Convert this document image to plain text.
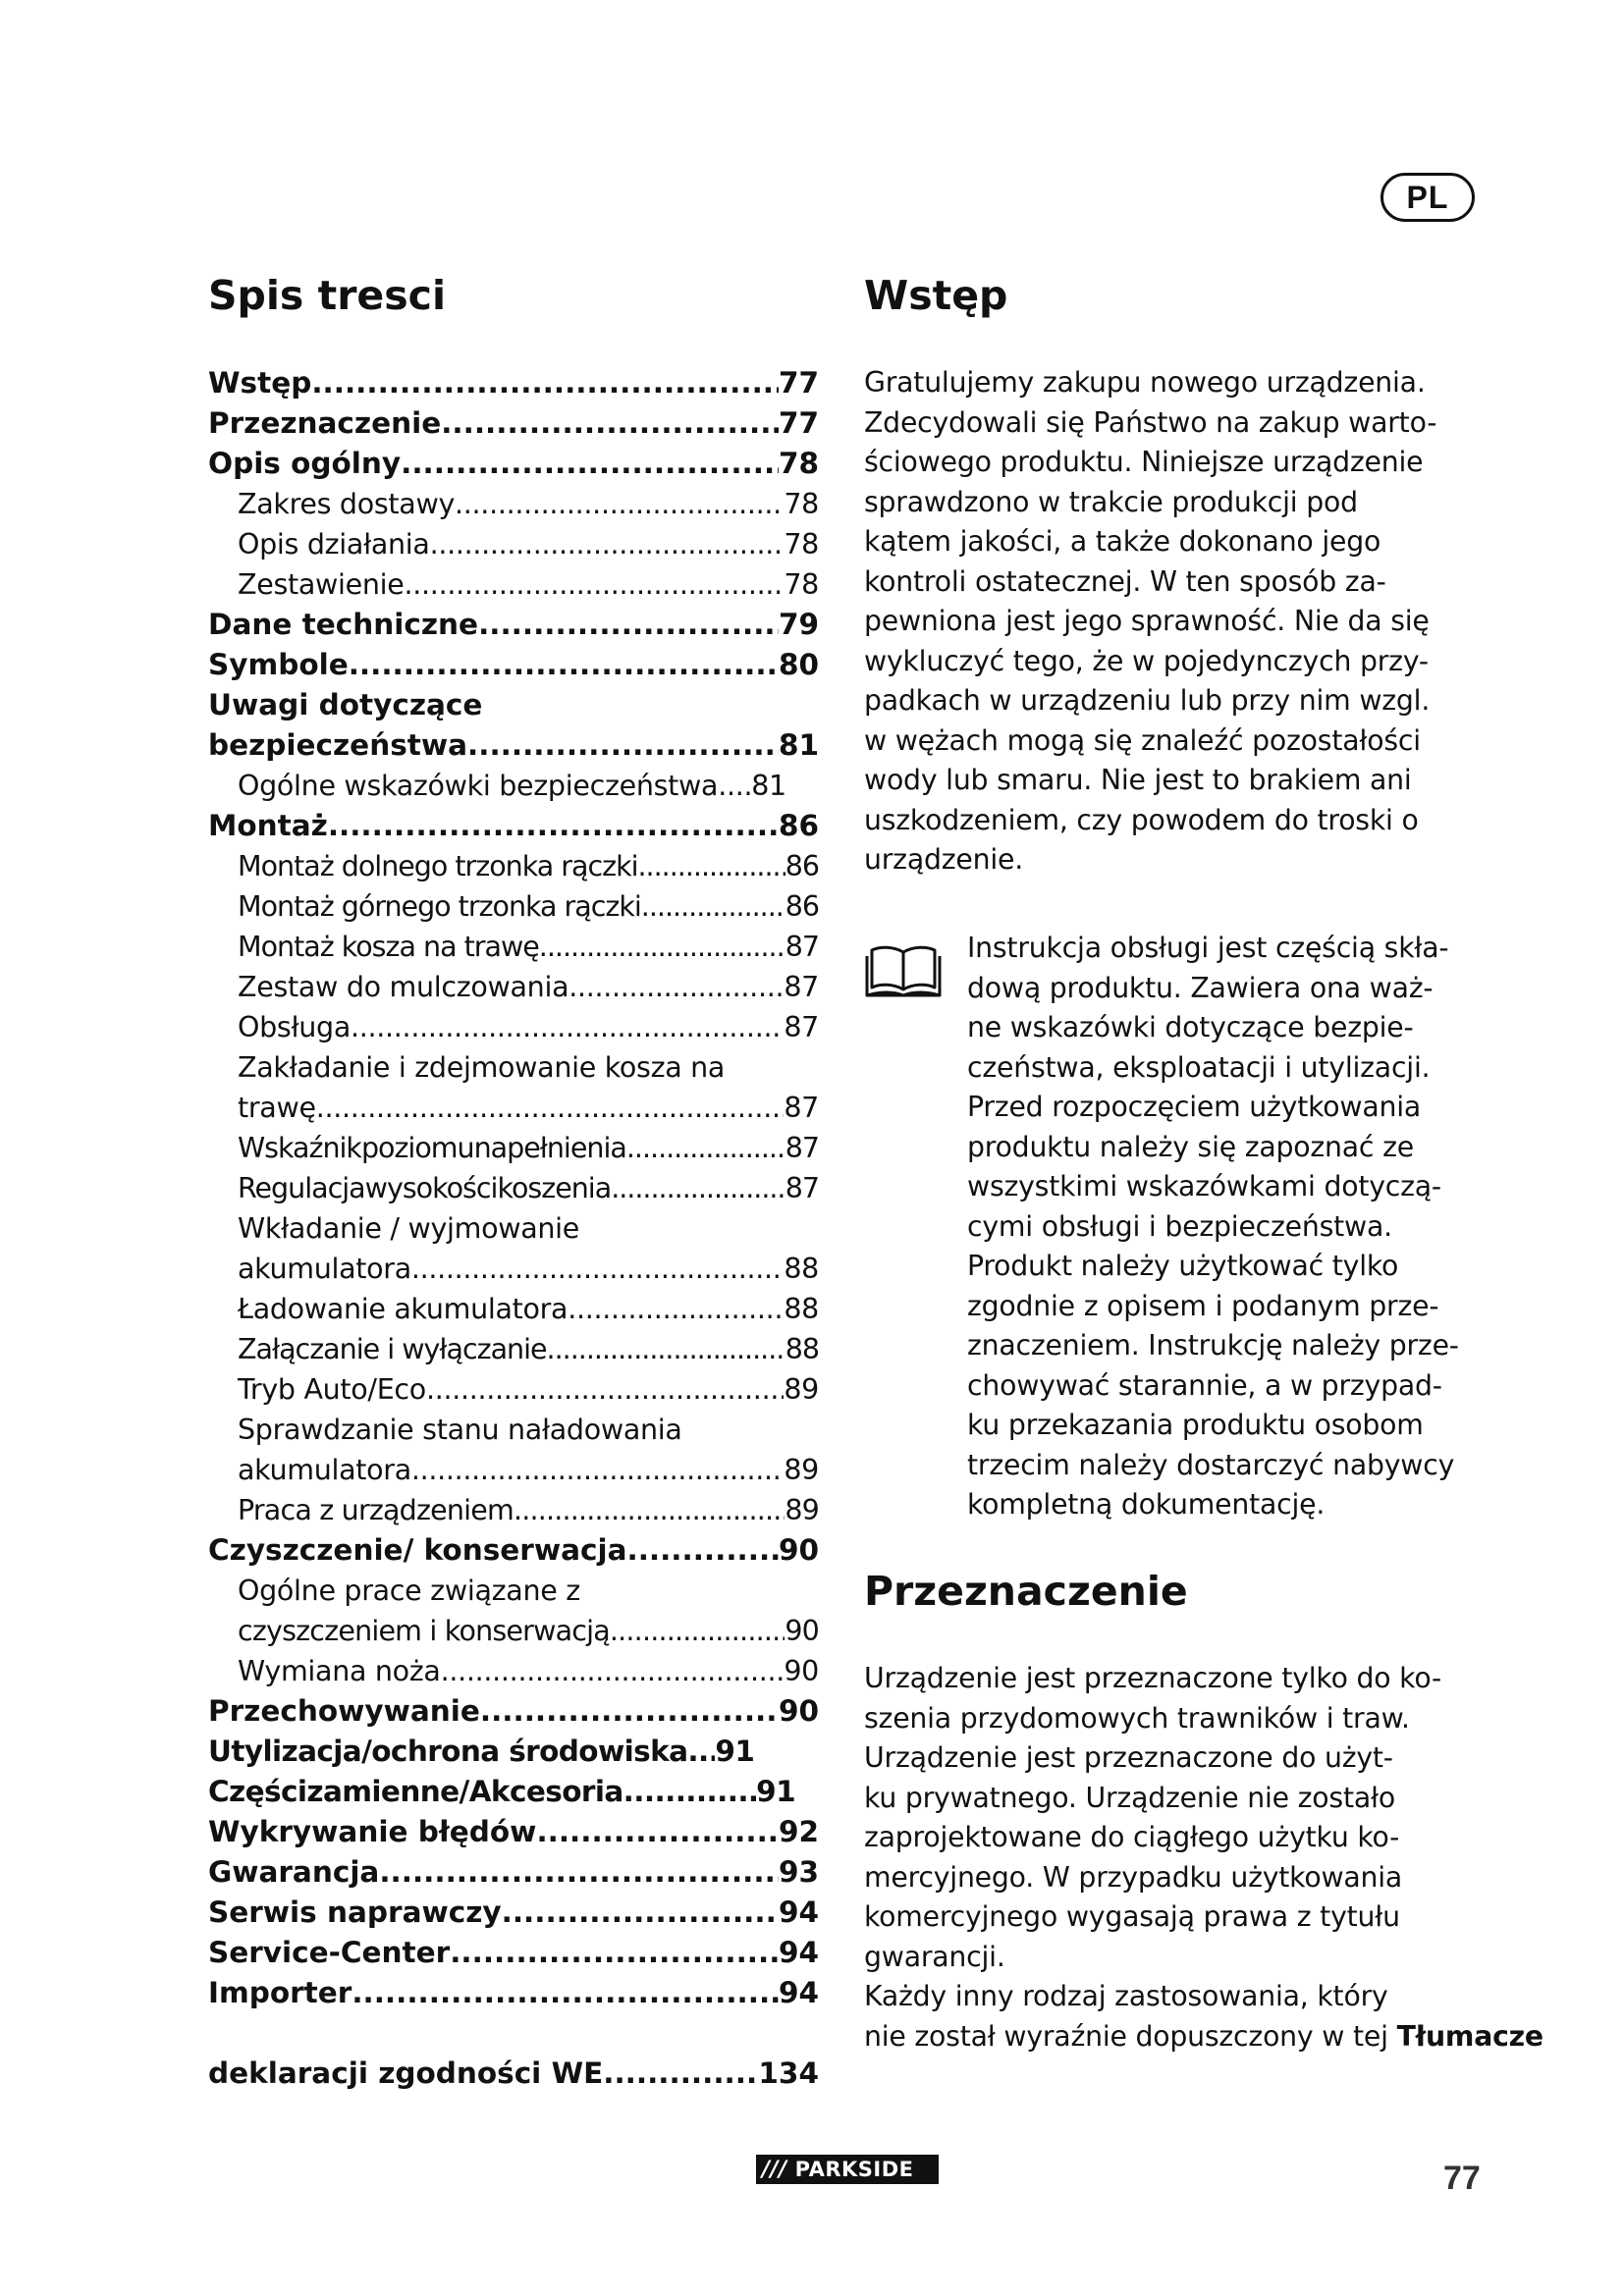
PL
Spis tresci
Wstęp .....	77
Przeznaczenie .....	77
Opis ogólny .....	78
Zakres dostawy .....	78
Opis działania .....	78
Zestawienie .....	78
Dane techniczne .....	79
Symbole .....	80
Uwagi dotyczące
bezpieczeństwa .....	81
Ogólne wskazówki bezpieczeństwa ..... 81
Montaż .....	86
Montaż dolnego trzonka rączki .....	86
Montaż górnego trzonka rączki .....	86
Montaż kosza na trawę .....	87
Zestaw do mulczowania .....	87
Obsługa .....	87
Zakładanie i zdejmowanie kosza na
trawę .....	87
Wskaźnikpoziomunapełnienia .....	87
Regulacjawysokościkoszenia .....	87
Wkładanie / wyjmowanie
akumulatora .....	88
Ładowanie akumulatora .....	88
Załączanie i wyłączanie .....	88
Tryb Auto/Eco .....	89
Sprawdzanie stanu naładowania
akumulatora .....	89
Praca z urządzeniem .....	89
Czyszczenie/ konserwacja .....	90
Ogólne prace związane z
czyszczeniem i konserwacją .....	90
Wymiana noża .....	90
Przechowywanie .....	90
Utylizacja/ochrona środowiska ..... 91
Częścizamienne/Akcesoria .....	91
Wykrywanie błędów .....	92
Gwarancja .....	93
Serwis naprawczy .....	94
Service-Center .....	94
Importer .....	94
deklaracji zgodności WE .....	134
Wstęp
Gratulujemy zakupu nowego urządzenia.
Zdecydowali się Państwo na zakup warto-
ściowego produktu. Niniejsze urządzenie
sprawdzono w trakcie produkcji pod
kątem jakości, a także dokonano jego
kontroli ostatecznej. W ten sposób za-
pewniona jest jego sprawność. Nie da się
wykluczyć tego, że w pojedynczych przy-
padkach w urządzeniu lub przy nim wzgl.
w wężach mogą się znaleźć pozostałości
wody lub smaru. Nie jest to brakiem ani
uszkodzeniem, czy powodem do troski o
urządzenie.
Instrukcja obsługi jest częścią skła-
dową produktu. Zawiera ona waż-
ne wskazówki dotyczące bezpie-
czeństwa, eksploatacji i utylizacji.
Przed rozpoczęciem użytkowania
produktu należy się zapoznać ze
wszystkimi wskazówkami dotyczą-
cymi obsługi i bezpieczeństwa.
Produkt należy użytkować tylko
zgodnie z opisem i podanym prze-
znaczeniem. Instrukcję należy prze-
chowywać starannie, a w przypad-
ku przekazania produktu osobom
trzecim należy dostarczyć nabywcy
kompletną dokumentację.
Przeznaczenie
Urządzenie jest przeznaczone tylko do ko-
szenia przydomowych trawników i traw.
Urządzenie jest przeznaczone do użyt-
ku prywatnego. Urządzenie nie zostało
zaprojektowane do ciągłego użytku ko-
mercyjnego. W przypadku użytkowania
komercyjnego wygasają prawa z tytułu
gwarancji.
Każdy inny rodzaj zastosowania, który
nie został wyraźnie dopuszczony w tej Tłumacze
/// PARKSIDE	77
